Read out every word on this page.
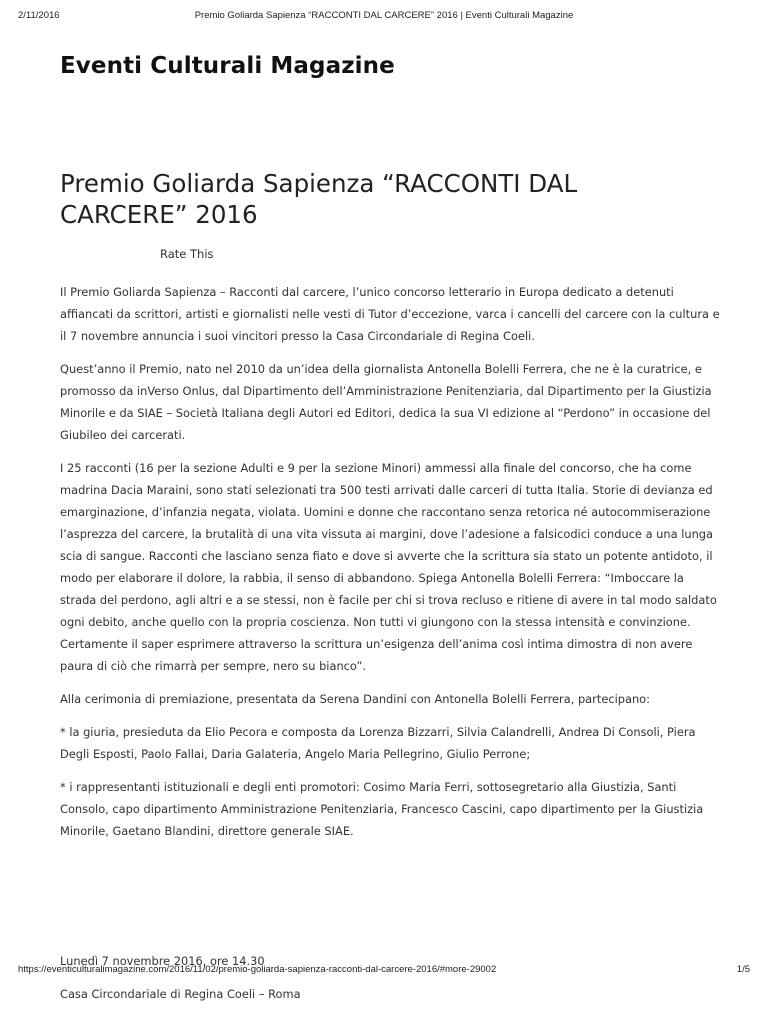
2/11/2016	Premio Goliarda Sapienza “RACCONTI DAL CARCERE” 2016 | Eventi Culturali Magazine
Eventi Culturali Magazine
Premio Goliarda Sapienza “RACCONTI DAL CARCERE” 2016
★★★★★	Rate This

Il Premio Goliarda Sapienza – Racconti dal carcere, l’unico concorso letterario in Europa dedicato a detenuti affiancati da scrittori, artisti e giornalisti nelle vesti di Tutor d’eccezione, varca i cancelli del carcere con la cultura e il 7 novembre annuncia i suoi vincitori presso la Casa Circondariale di Regina Coeli.

Quest’anno il Premio, nato nel 2010 da un’idea della giornalista Antonella Bolelli Ferrera, che ne è la curatrice, e promosso da inVerso Onlus, dal Dipartimento dell’Amministrazione Penitenziaria, dal Dipartimento per la Giustizia Minorile e da SIAE – Società Italiana degli Autori ed Editori, dedica la sua VI edizione al “Perdono” in occasione del Giubileo dei carcerati.

I 25 racconti (16 per la sezione Adulti e 9 per la sezione Minori) ammessi alla finale del concorso, che ha come madrina Dacia Maraini, sono stati selezionati tra 500 testi arrivati dalle carceri di tutta Italia. Storie di devianza ed emarginazione, d’infanzia negata, violata. Uomini e donne che raccontano senza retorica né autocommiserazione l’asprezza del carcere, la brutalità di una vita vissuta ai margini, dove l’adesione a falsicodici conduce a una lunga scia di sangue. Racconti che lasciano senza fiato e dove si avverte che la scrittura sia stato un potente antidoto, il modo per elaborare il dolore, la rabbia, il senso di abbandono. Spiega Antonella Bolelli Ferrera: “Imboccare la strada del perdono, agli altri e a se stessi, non è facile per chi si trova recluso e ritiene di avere in tal modo saldato ogni debito, anche quello con la propria coscienza. Non tutti vi giungono con la stessa intensità e convinzione. Certamente il saper esprimere attraverso la scrittura un’esigenza dell’anima così intima dimostra di non avere paura di ciò che rimarrà per sempre, nero su bianco”.

Alla cerimonia di premiazione, presentata da Serena Dandini con Antonella Bolelli Ferrera, partecipano:

* la giuria, presieduta da Elio Pecora e composta da Lorenza Bizzarri, Silvia Calandrelli, Andrea Di Consoli, Piera Degli Esposti, Paolo Fallai, Daria Galateria, Angelo Maria Pellegrino, Giulio Perrone;

* i rappresentanti istituzionali e degli enti promotori: Cosimo Maria Ferri, sottosegretario alla Giustizia, Santi Consolo, capo dipartimento Amministrazione Penitenziaria, Francesco Cascini, capo dipartimento per la Giustizia Minorile, Gaetano Blandini, direttore generale SIAE.

Lunedì 7 novembre 2016, ore 14.30

Casa Circondariale di Regina Coeli – Roma

https://eventiculturalimagazine.com/2016/11/02/premio-goliarda-sapienza-racconti-dal-carcere-2016/#more-29002	1/5
